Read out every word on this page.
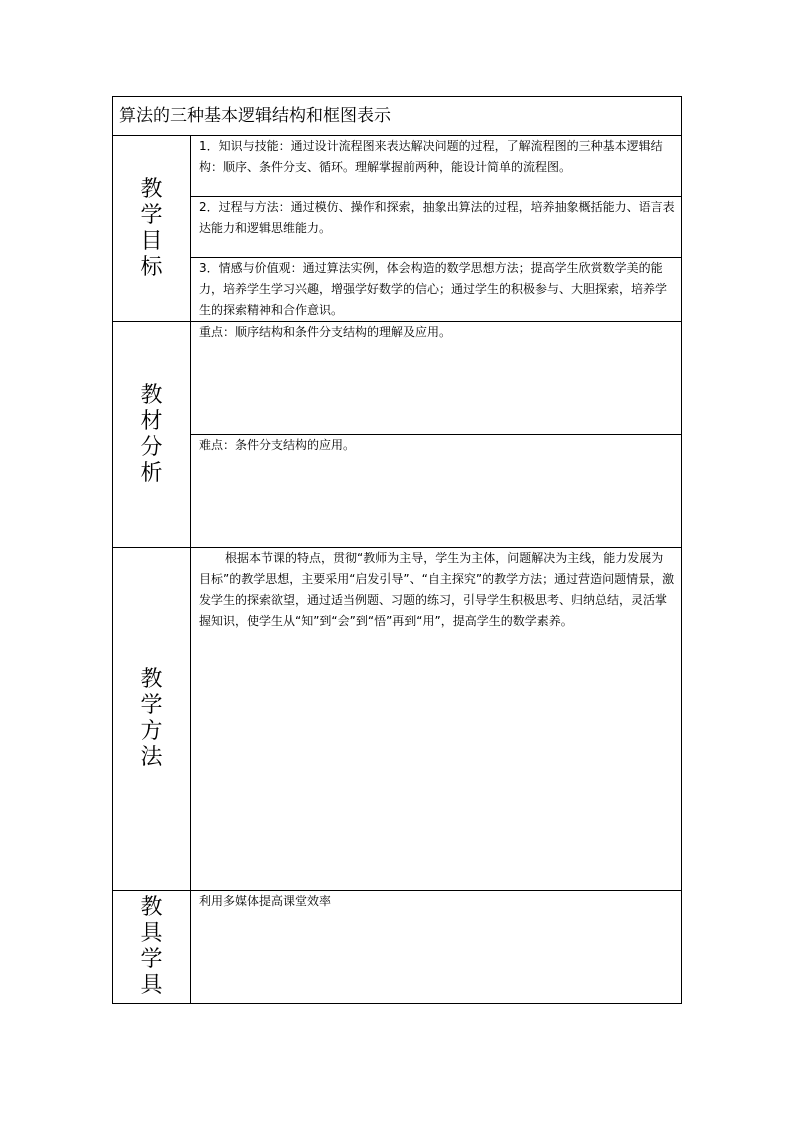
算法的三种基本逻辑结构和框图表示	
教学目标	1．知识与技能：通过设计流程图来表达解决问题的过程，了解流程图的三种基本逻辑结构：顺序、条件分支、循环。理解掌握前两种，能设计简单的流程图。
	2．过程与方法：通过模仿、操作和探索，抽象出算法的过程，培养抽象概括能力、语言表达能力和逻辑思维能力。
	3．情感与价值观：通过算法实例，体会构造的数学思想方法；提高学生欣赏数学美的能力，培养学生学习兴趣，增强学好数学的信心；通过学生的积极参与、大胆探索，培养学生的探索精神和合作意识。
教材分析	重点：顺序结构和条件分支结构的理解及应用。
	难点：条件分支结构的应用。
教学方法	根据本节课的特点，贯彻“教师为主导，学生为主体，问题解决为主线，能力发展为目标”的教学思想，主要采用“启发引导”、“自主探究”的教学方法；通过营造问题情景，激发学生的探索欲望，通过适当例题、习题的练习，引导学生积极思考、归纳总结，灵活掌握知识，使学生从“知”到“会”到“悟”再到“用”，提高学生的数学素养。
教具学具	利用多媒体提高课堂效率
